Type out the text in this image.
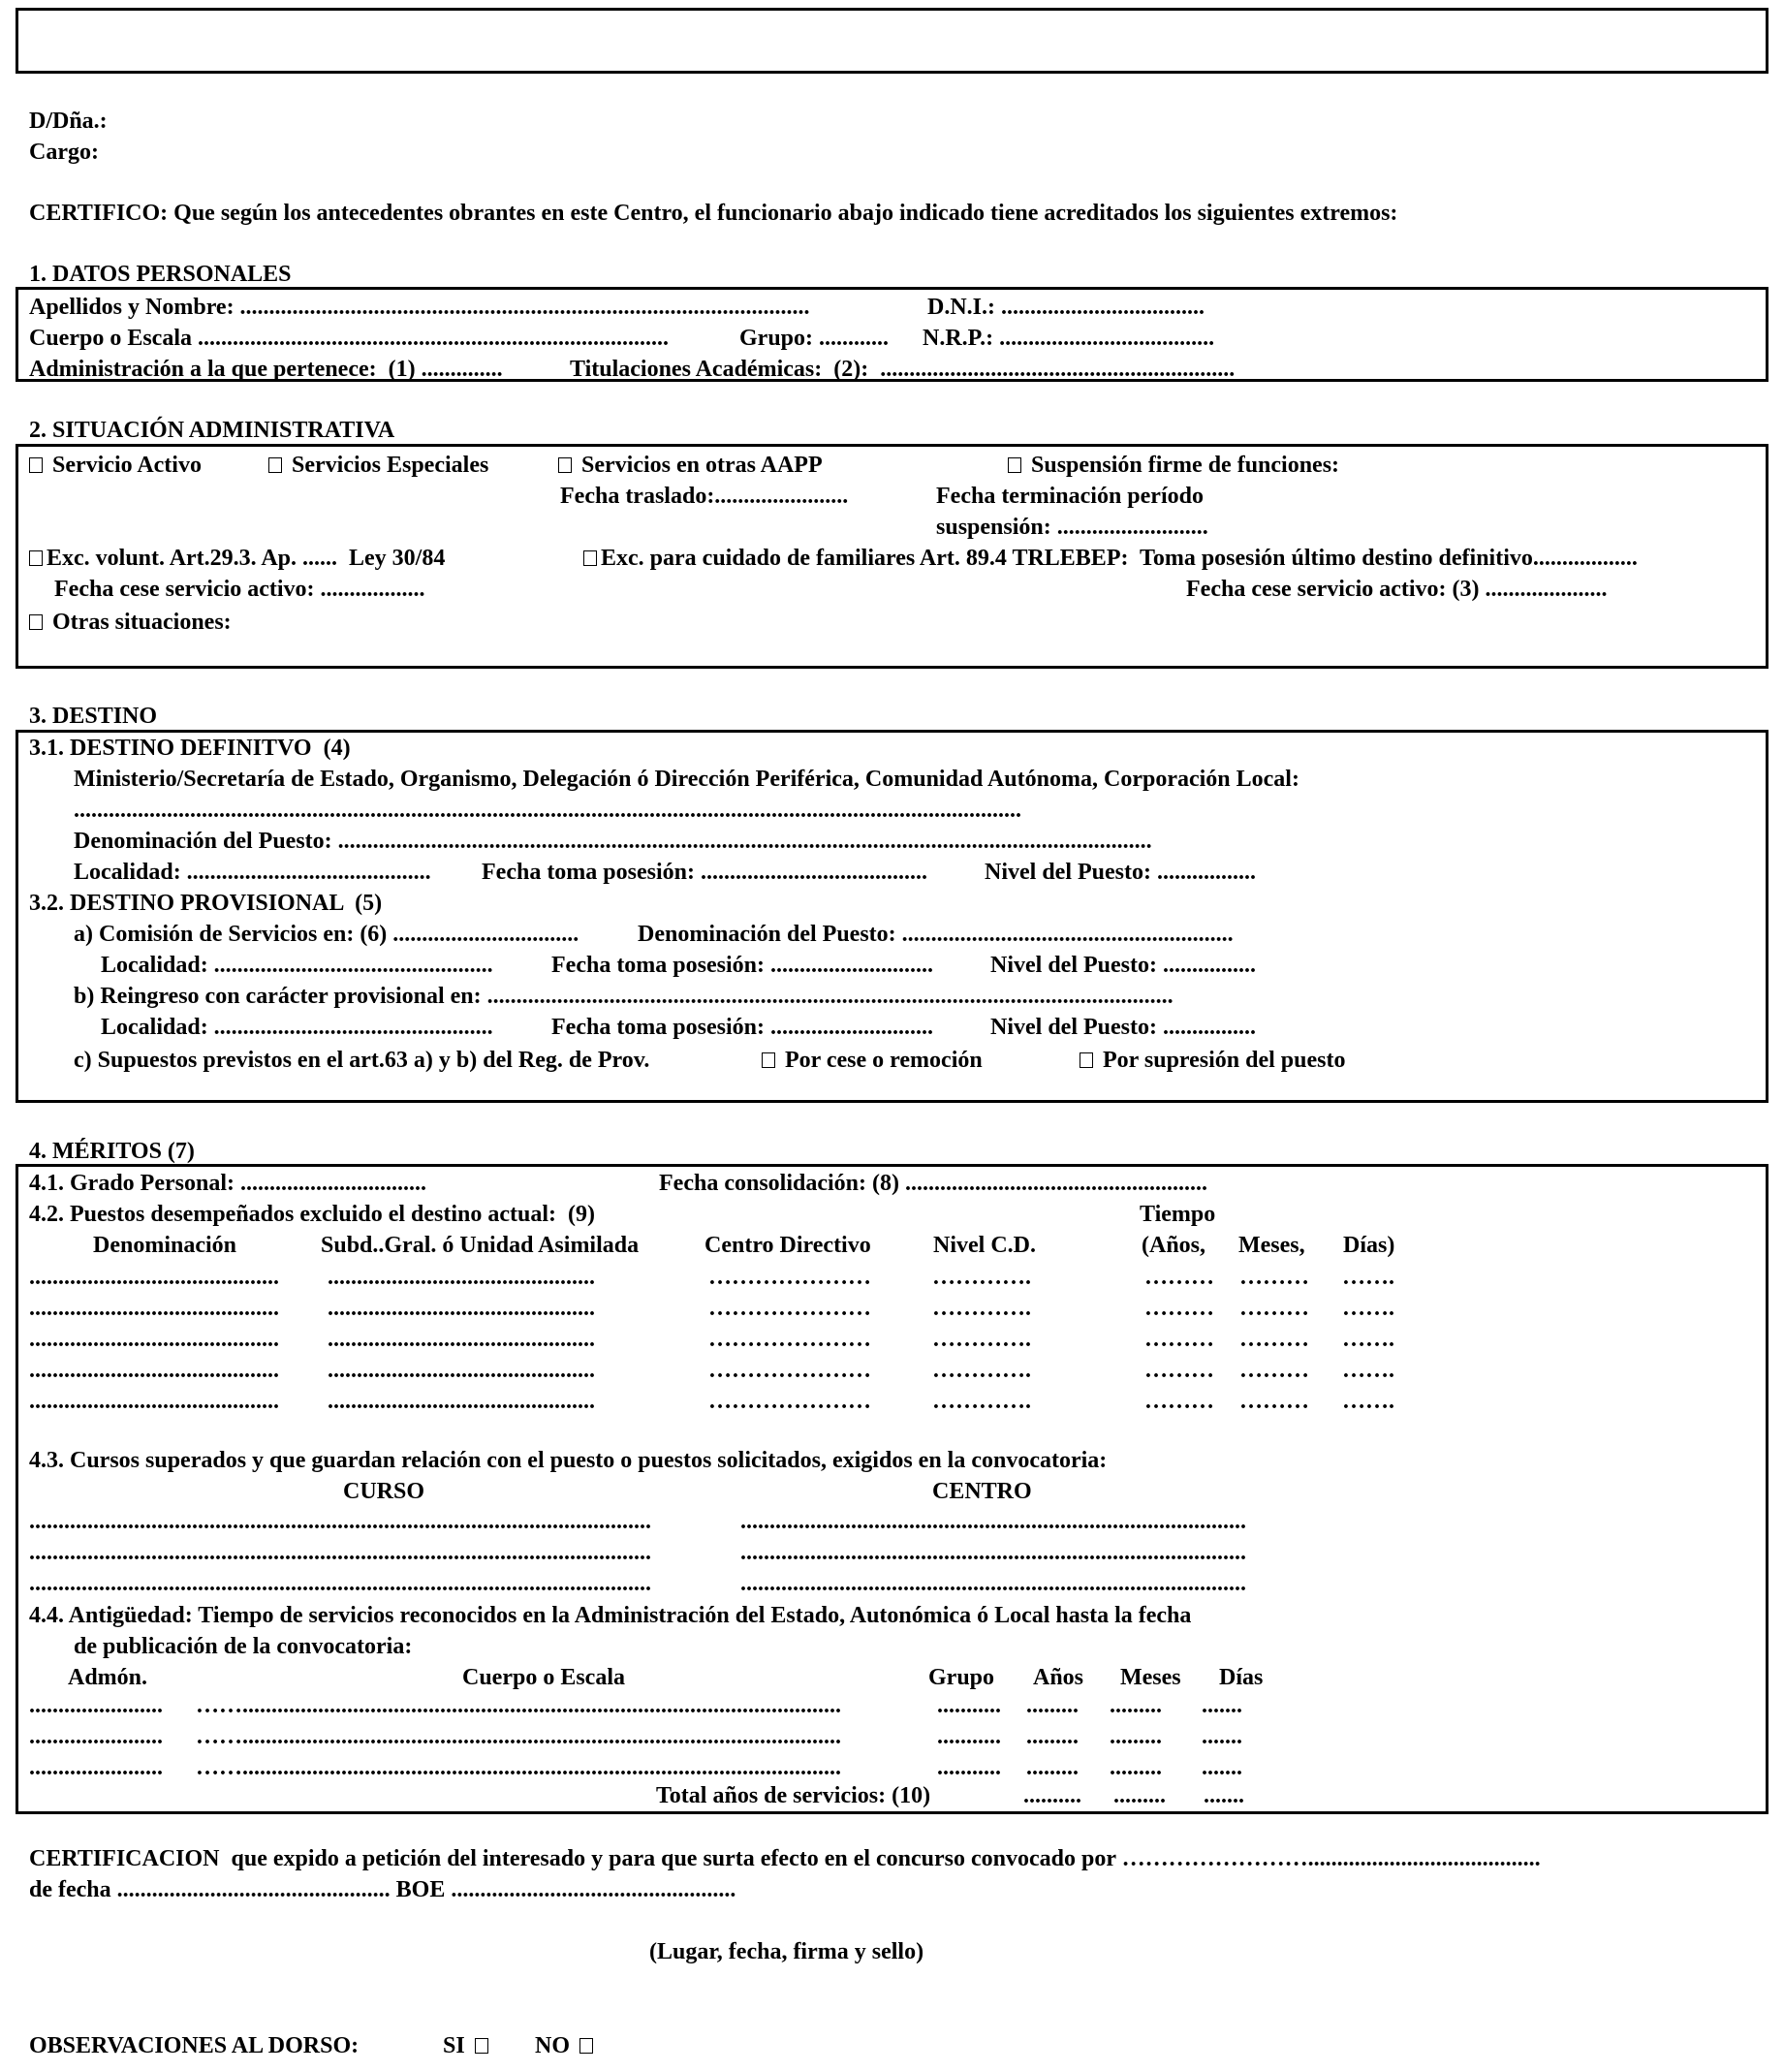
D/Dña.:
Cargo:
CERTIFICO: Que según los antecedentes obrantes en este Centro, el funcionario abajo indicado tiene acreditados los siguientes extremos:
1. DATOS PERSONALES
Apellidos y Nombre: ..................................................................................................	D.N.I.: ...................................
Cuerpo o Escala .................................................................................	Grupo: ............ N.R.P.: .....................................
Administración a la que pertenece:  (1) ..............	Titulaciones Académicas:  (2):  .............................................................
2. SITUACIÓN ADMINISTRATIVA
Servicio Activo	Servicios Especiales	Servicios en otras AAPP	Suspensión firme de funciones:
Fecha traslado:.......................	Fecha terminación período
suspensión: ..........................
Exc. volunt. Art.29.3. Ap. ......  Ley 30/84	Exc. para cuidado de familiares Art. 89.4 TRLEBEP:  Toma posesión último destino definitivo..................
Fecha cese servicio activo: ..................	Fecha cese servicio activo: (3) .....................
Otras situaciones:
3. DESTINO
3.1. DESTINO DEFINITVO  (4)
Ministerio/Secretaría de Estado, Organismo, Delegación ó Dirección Periférica, Comunidad Autónoma, Corporación Local:
...................................................................................................................................................................
Denominación del Puesto: ............................................................................................................................................
Localidad: .......................................... Fecha toma posesión: ....................................... Nivel del Puesto: .................
3.2. DESTINO PROVISIONAL  (5)
a) Comisión de Servicios en: (6) ................................	Denominación del Puesto: .........................................................
Localidad: ................................................	Fecha toma posesión: ............................ Nivel del Puesto: ................
b) Reingreso con carácter provisional en: ......................................................................................................................
Localidad: ................................................	Fecha toma posesión: ............................ Nivel del Puesto: ................
c) Supuestos previstos en el art.63 a) y b) del Reg. de Prov.	Por cese o remoción	Por supresión del puesto
4. MÉRITOS (7)
4.1. Grado Personal: ................................	Fecha consolidación: (8) ....................................................
4.2. Puestos desempeñados excluido el destino actual:  (9)	Tiempo
Denominación	Subd..Gral. ó Unidad Asimilada	Centro Directivo	Nivel C.D.	(Años, Meses, Días)
........................................... ..............................................	…………………	………….	……… ……… …….
........................................... ..............................................	…………………	………….	……… ……… …….
........................................... ..............................................	…………………	………….	……… ……… …….
........................................... ..............................................	…………………	………….	……… ……… …….
........................................... ..............................................	…………………	………….	……… ……… …….
4.3. Cursos superados y que guardan relación con el puesto o puestos solicitados, exigidos en la convocatoria:
CURSO	CENTRO
...........................................................................................................	.......................................................................................
...........................................................................................................	.......................................................................................
...........................................................................................................	.......................................................................................
4.4. Antigüedad: Tiempo de servicios reconocidos en la Administración del Estado, Autonómica ó Local hasta la fecha
de publicación de la convocatoria:
Admón.	Cuerpo o Escala	Grupo Años Meses Días
....................... …….......................................................................................................	........... ......... ......... .......
....................... …….......................................................................................................	........... ......... ......... .......
....................... …….......................................................................................................	........... ......... ......... .......
Total años de servicios: (10)	.......... ......... .......
CERTIFICACION  que expido a petición del interesado y para que surta efecto en el concurso convocado por ……………………........................................
de fecha ............................................... BOE .................................................
(Lugar, fecha, firma y sello)
OBSERVACIONES AL DORSO:	SI	NO
